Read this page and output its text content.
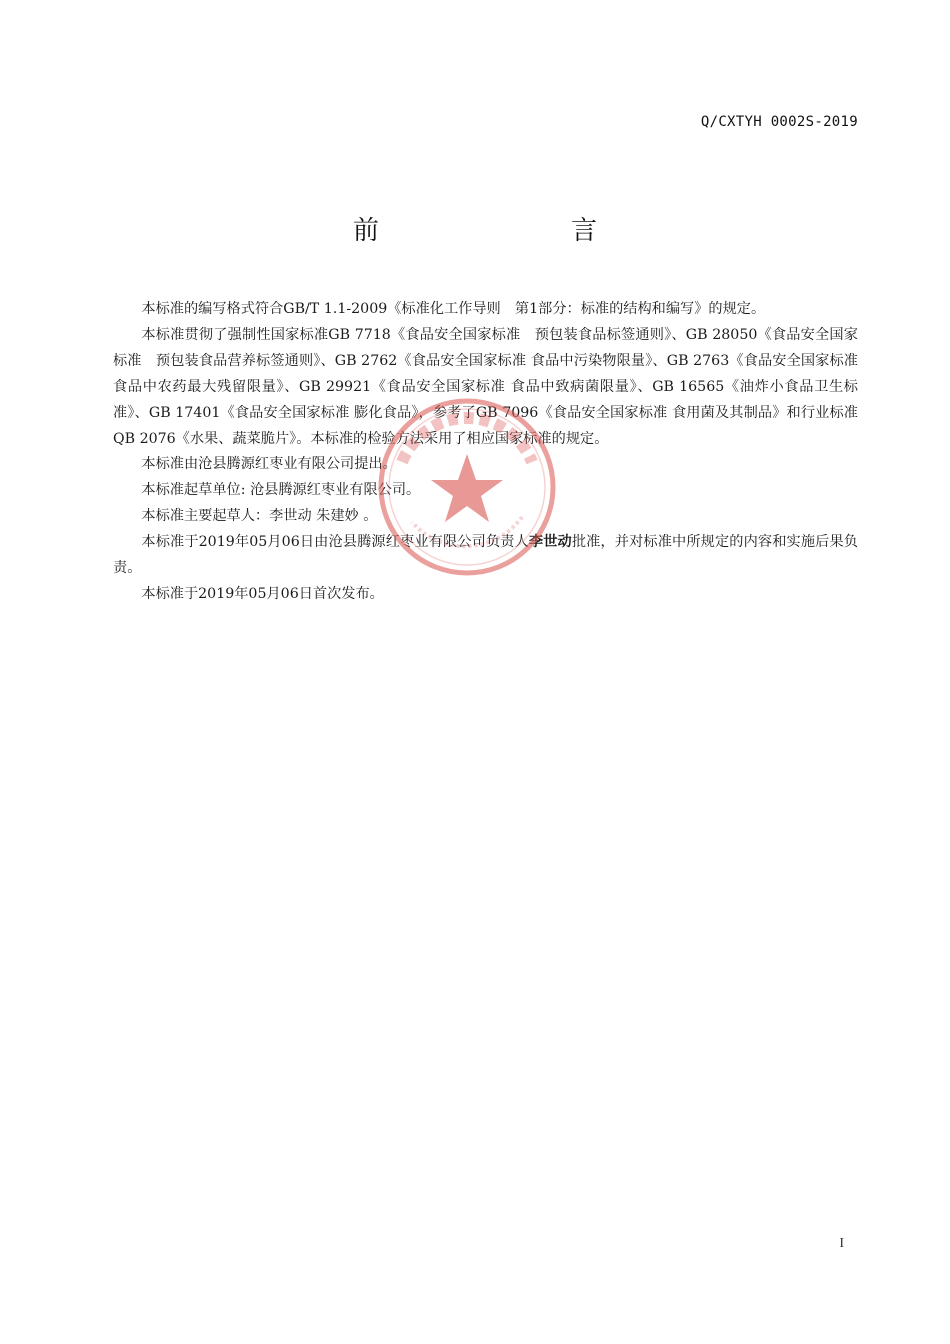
Q/CXTYH 0002S-2019
前	言

本标准的编写格式符合GB/T 1.1-2009《标准化工作导则　第1部分：标准的结构和编写》的规定。

本标准贯彻了强制性国家标准GB 7718《食品安全国家标准　预包装食品标签通则》、GB 28050《食品安全国家标准　预包装食品营养标签通则》、GB 2762《食品安全国家标准 食品中污染物限量》、GB 2763《食品安全国家标准 食品中农药最大残留限量》、GB 29921《食品安全国家标准 食品中致病菌限量》、GB 16565《油炸小食品卫生标准》、GB 17401《食品安全国家标准 膨化食品》，参考了GB 7096《食品安全国家标准 食用菌及其制品》和行业标准QB 2076《水果、蔬菜脆片》。本标准的检验方法采用了相应国家标准的规定。

本标准由沧县腾源红枣业有限公司提出。

本标准起草单位: 沧县腾源红枣业有限公司。

本标准主要起草人：李世动 朱建妙 。

本标准于2019年05月06日由沧县腾源红枣业有限公司负责人李世动批准，并对标准中所规定的内容和实施后果负责。

本标准于2019年05月06日首次发布。

I
